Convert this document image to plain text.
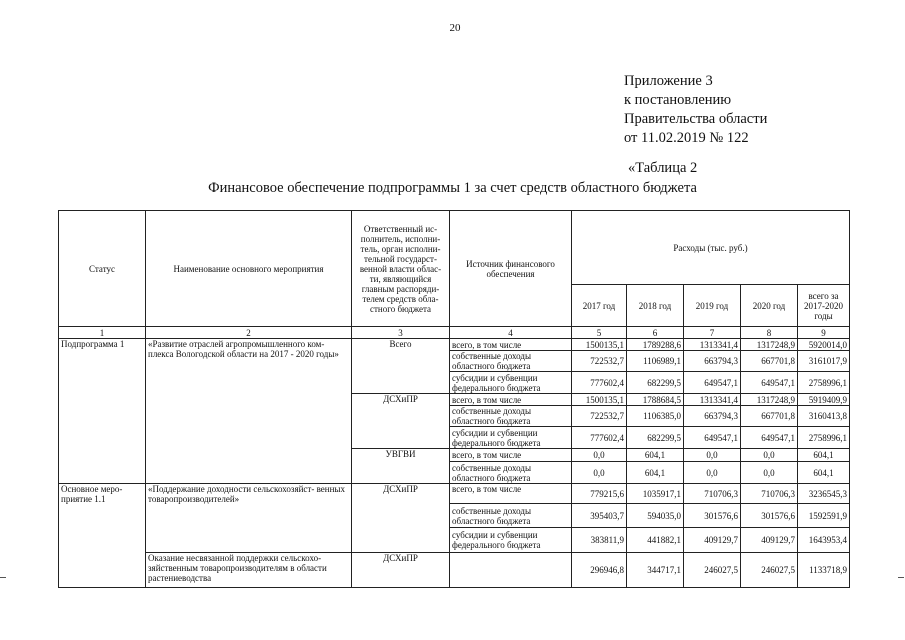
20
Приложение 3
к постановлению
Правительства области
от 11.02.2019 № 122
«Таблица 2
Финансовое обеспечение подпрограммы 1 за счет средств областного бюджета
Статус	Наименование основного мероприятия	Ответственный ис- полнитель, исполни- тель, орган исполни- тельной государст- венной власти облас- ти, являющийся главным распоряди- телем средств обла- стного бюджета	Источник финансового обеспечения	Расходы (тыс. руб.)				
				2017 год	2018 год	2019 год	2020 год	всего за 2017-2020 годы
1	2	3	4	5	6	7	8	9
Подпрограмма 1	«Развитие отраслей агропромышленного ком- плекса Вологодской области на 2017 - 2020 годы»	Всего	всего, в том числе	1500135,1	1789288,6	1313341,4	1317248,9	5920014,0
			собственные доходы областного бюджета	722532,7	1106989,1	663794,3	667701,8	3161017,9
			субсидии и субвенции федерального бюджета	777602,4	682299,5	649547,1	649547,1	2758996,1
		ДСХиПР	всего, в том числе	1500135,1	1788684,5	1313341,4	1317248,9	5919409,9
			собственные доходы областного бюджета	722532,7	1106385,0	663794,3	667701,8	3160413,8
			субсидии и субвенции федерального бюджета	777602,4	682299,5	649547,1	649547,1	2758996,1
		УВГВИ	всего, в том числе	0,0	604,1	0,0	0,0	604,1
			собственные доходы областного бюджета	0,0	604,1	0,0	0,0	604,1
Основное меро- приятие 1.1	«Поддержание доходности сельскохозяйст- венных товаропроизводителей»	ДСХиПР	всего, в том числе	779215,6	1035917,1	710706,3	710706,3	3236545,3
			собственные доходы областного бюджета	395403,7	594035,0	301576,6	301576,6	1592591,9
			субсидии и субвенции федерального бюджета	383811,9	441882,1	409129,7	409129,7	1643953,4
	Оказание несвязанной поддержки сельскохо- зяйственным товаропроизводителям в области растениеводства	ДСХиПР		296946,8	344717,1	246027,5	246027,5	1133718,9
